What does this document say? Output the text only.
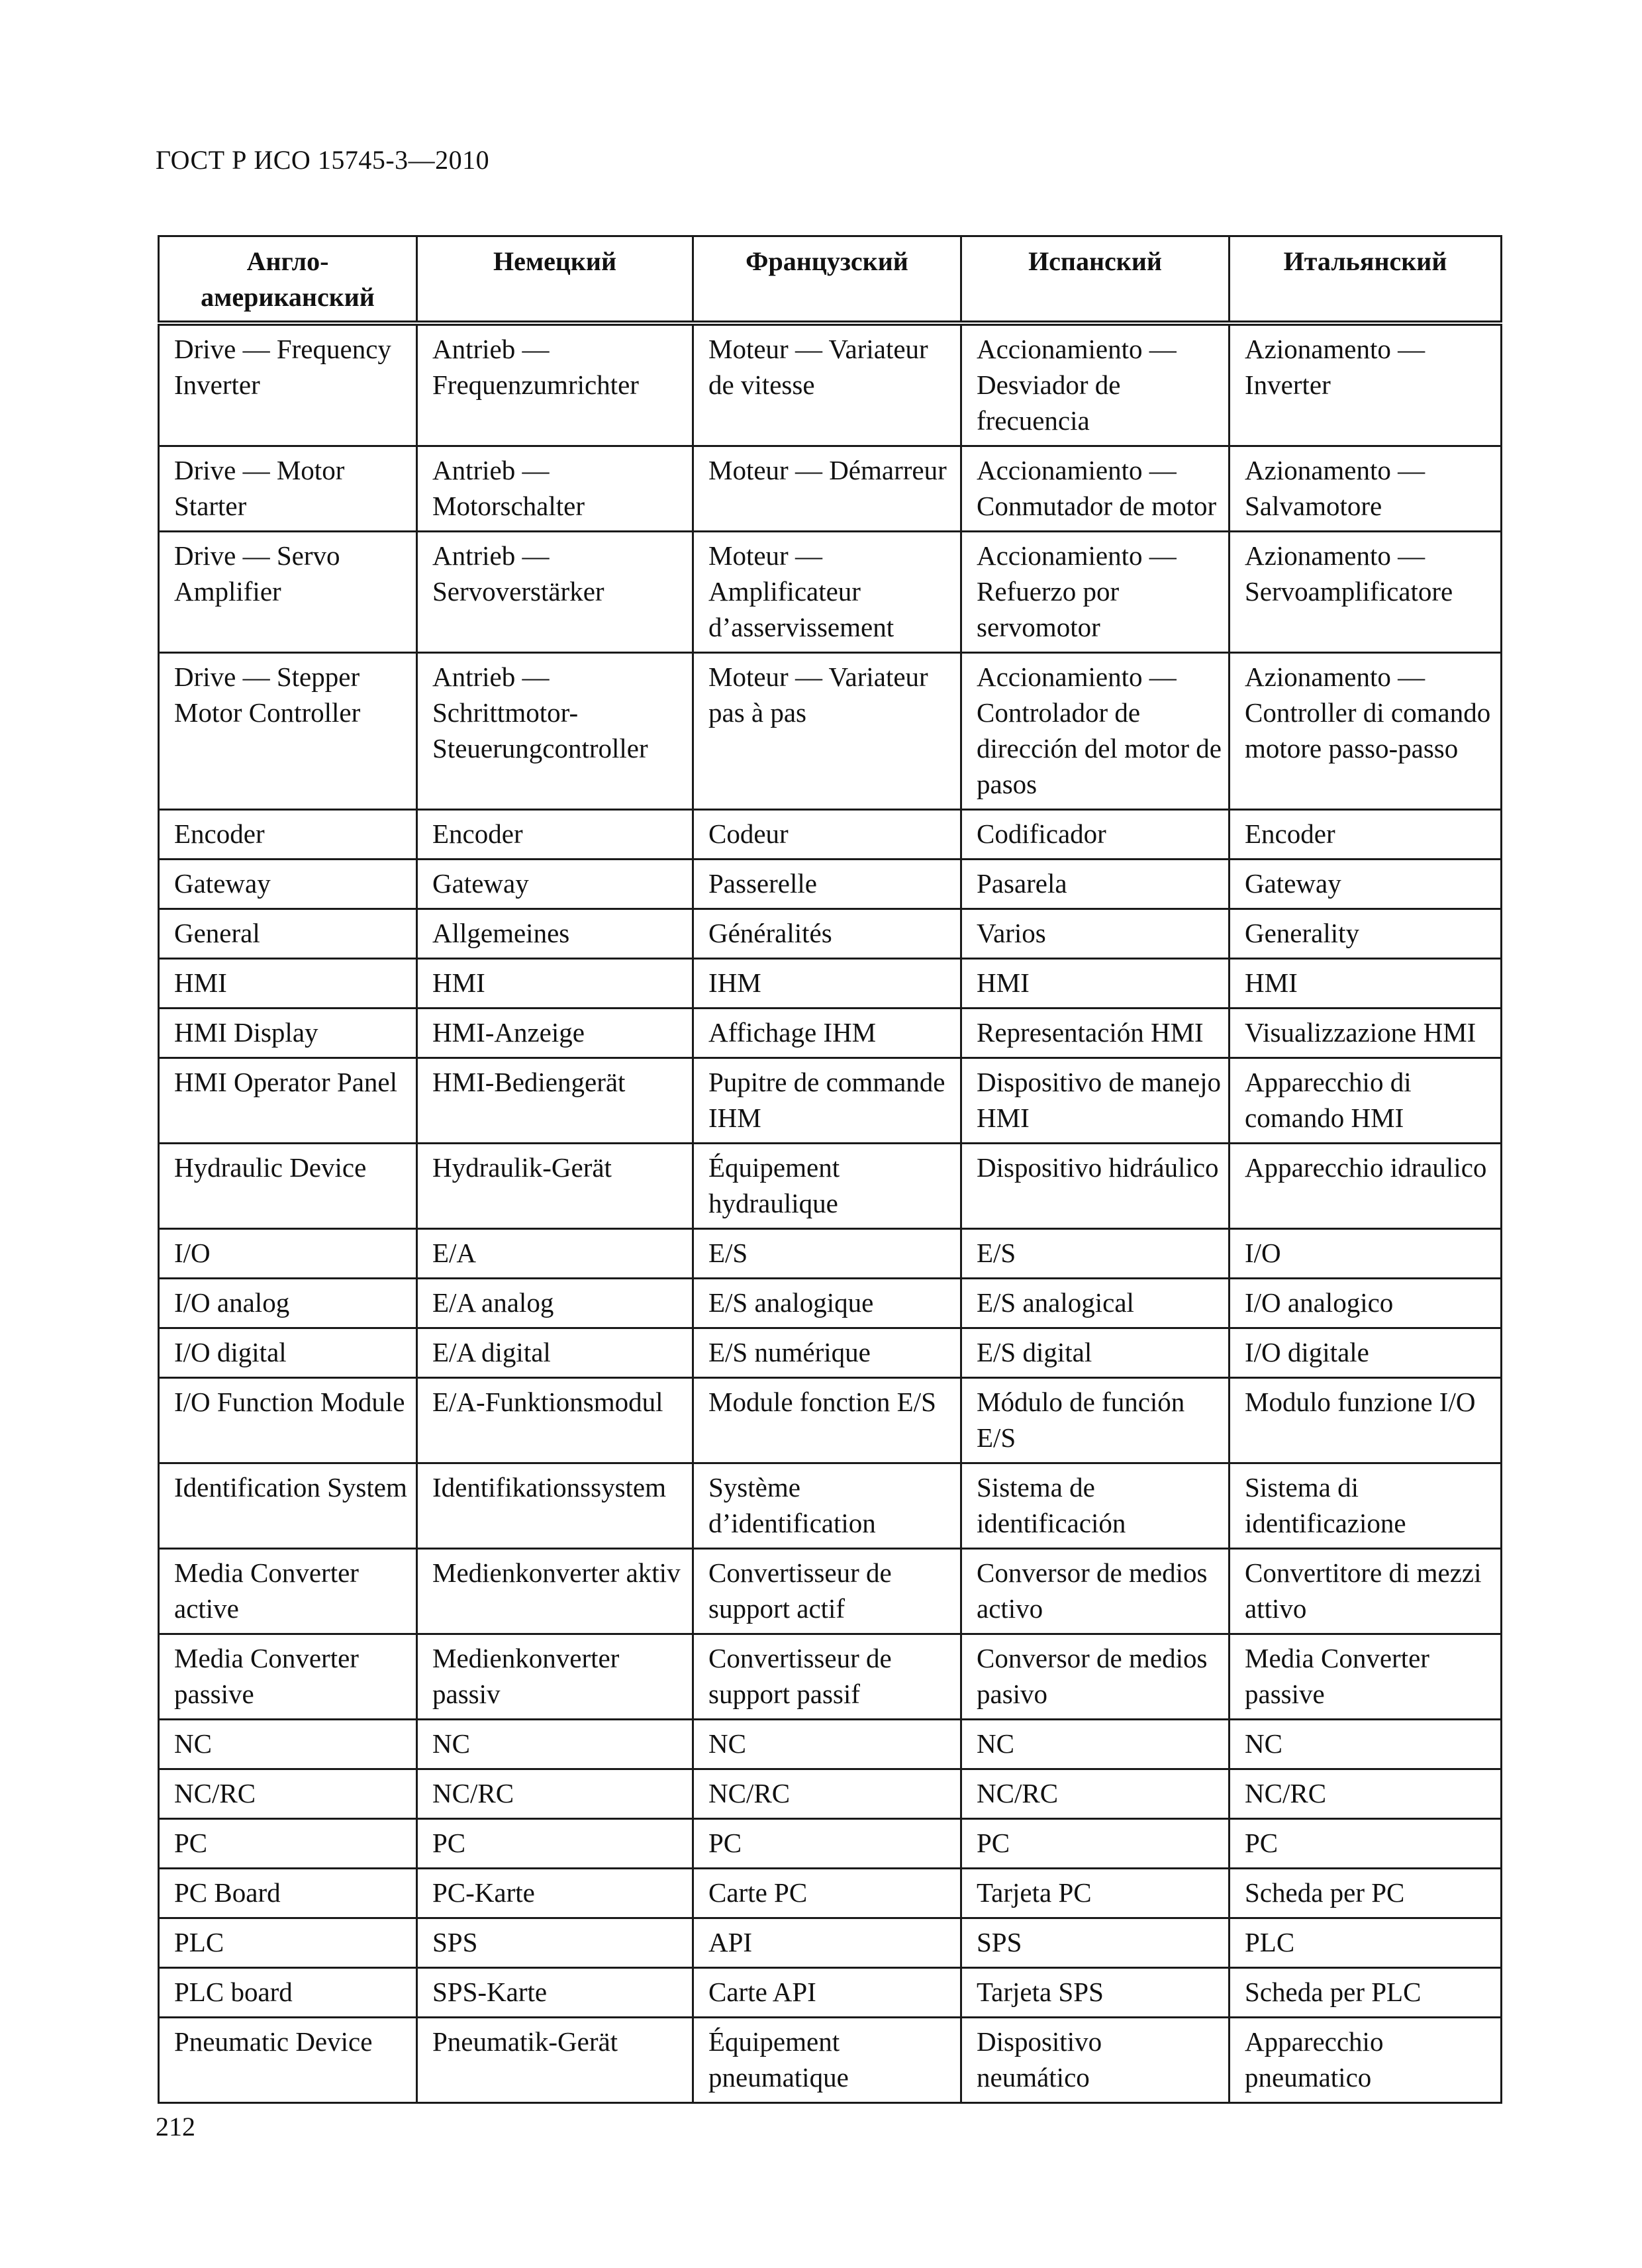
ГОСТ Р ИСО 15745-3—2010
Англо-американский	Немецкий	Французский	Испанский	Итальянский
Drive — Frequency Inverter	Antrieb — Frequenzumrichter	Moteur — Variateur de vitesse	Accionamiento — Desviador de frecuencia	Azionamento — Inverter
Drive — Motor Starter	Antrieb — Motorschalter	Moteur — Démarreur	Accionamiento — Conmutador de motor	Azionamento — Salvamotore
Drive — Servo Amplifier	Antrieb — Servoverstärker	Moteur — Amplificateur d’asservissement	Accionamiento — Refuerzo por servomotor	Azionamento — Servoamplificatore
Drive — Stepper Motor Controller	Antrieb — Schrittmotor-Steuerungcontroller	Moteur — Variateur pas à pas	Accionamiento — Controlador de dirección del motor de pasos	Azionamento — Controller di comando motore passo-passo
Encoder	Encoder	Codeur	Codificador	Encoder
Gateway	Gateway	Passerelle	Pasarela	Gateway
General	Allgemeines	Généralités	Varios	Generality
HMI	HMI	IHM	HMI	HMI
HMI Display	HMI-Anzeige	Affichage IHM	Representación HMI	Visualizzazione HMI
HMI Operator Panel	HMI-Bediengerät	Pupitre de commande IHM	Dispositivo de manejo HMI	Apparecchio di comando HMI
Hydraulic Device	Hydraulik-Gerät	Équipement hydraulique	Dispositivo hidráulico	Apparecchio idraulico
I/O	E/A	E/S	E/S	I/O
I/O analog	E/A analog	E/S analogique	E/S analogical	I/O analogico
I/O digital	E/A digital	E/S numérique	E/S digital	I/O digitale
I/O Function Module	E/A-Funktionsmodul	Module fonction E/S	Módulo de función E/S	Modulo funzione I/O
Identification System	Identifikationssystem	Système d’identification	Sistema de identificación	Sistema di identificazione
Media Converter active	Medienkonverter aktiv	Convertisseur de support actif	Conversor de medios activo	Convertitore di mezzi attivo
Media Converter passive	Medienkonverter passiv	Convertisseur de support passif	Conversor de medios pasivo	Media Converter passive
NC	NC	NC	NC	NC
NC/RC	NC/RC	NC/RC	NC/RC	NC/RC
PC	PC	PC	PC	PC
PC Board	PC-Karte	Carte PC	Tarjeta PC	Scheda per PC
PLC	SPS	API	SPS	PLC
PLC board	SPS-Karte	Carte API	Tarjeta SPS	Scheda per PLC
Pneumatic Device	Pneumatik-Gerät	Équipement pneumatique	Dispositivo neumático	Apparecchio pneumatico
212
